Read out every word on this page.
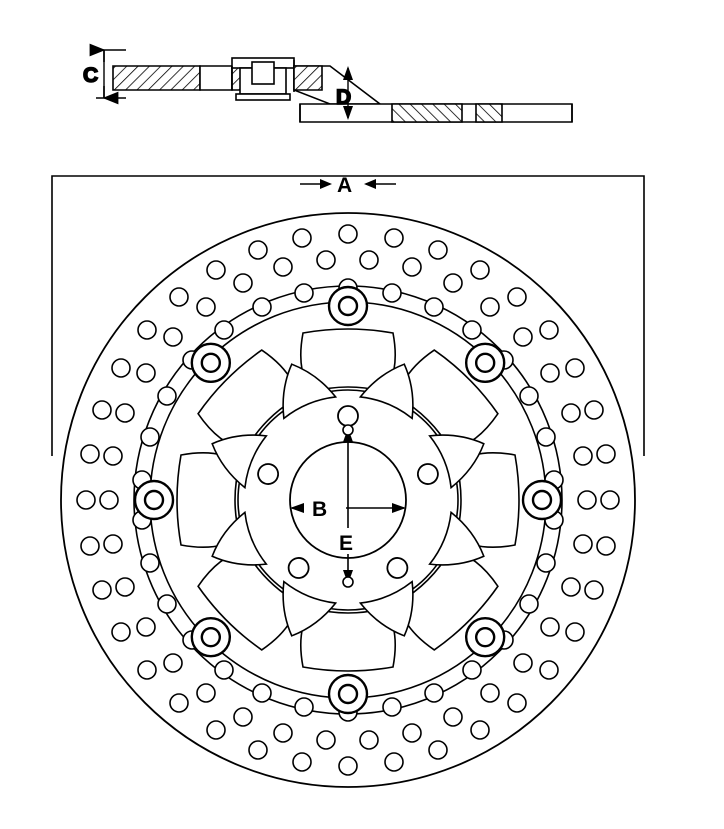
C
D
A
B
E
